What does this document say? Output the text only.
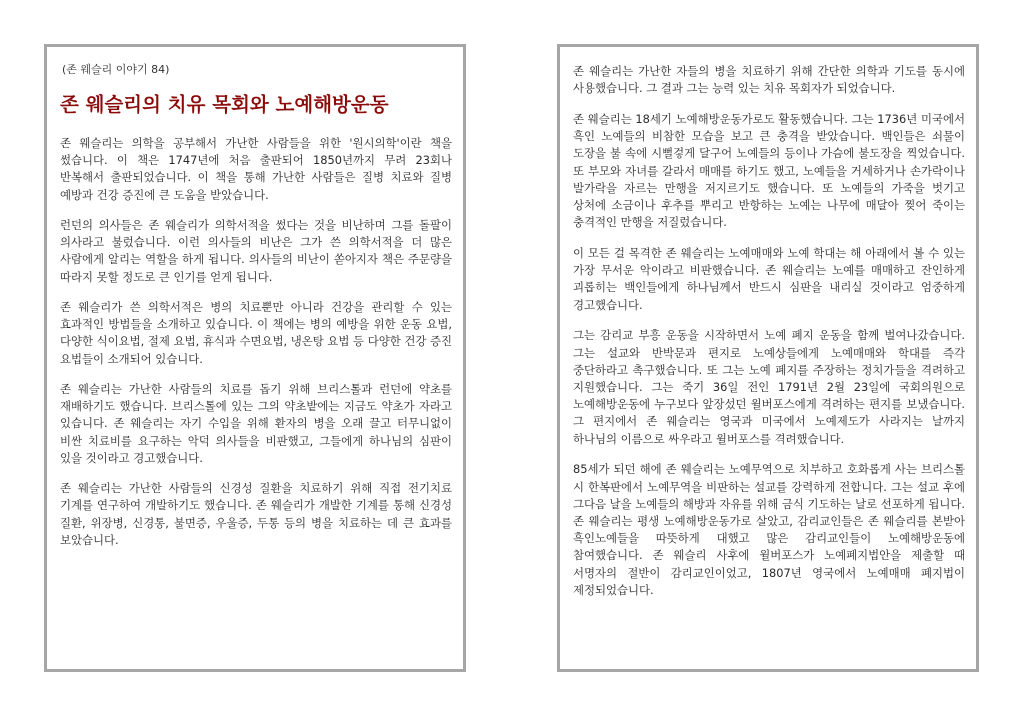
(존 웨슬리 이야기 84)
존 웨슬리의 치유 목회와 노예해방운동

존 웨슬리는 의학을 공부해서 가난한 사람들을 위한 '원시의학'이란 책을 썼습니다. 이 책은 1747년에 처음 출판되어 1850년까지 무려 23회나 반복해서 출판되었습니다. 이 책을 통해 가난한 사람들은 질병 치료와 질병 예방과 건강 증진에 큰 도움을 받았습니다.

런던의 의사들은 존 웨슬리가 의학서적을 썼다는 것을 비난하며 그를 돌팔이 의사라고 불렀습니다. 이런 의사들의 비난은 그가 쓴 의학서적을 더 많은 사람에게 알리는 역할을 하게 됩니다. 의사들의 비난이 쏟아지자 책은 주문량을 따라지 못할 정도로 큰 인기를 얻게 됩니다.

존 웨슬리가 쓴 의학서적은 병의 치료뿐만 아니라 건강을 관리할 수 있는 효과적인 방법들을 소개하고 있습니다. 이 책에는 병의 예방을 위한 운동 요법, 다양한 식이요법, 절제 요법, 휴식과 수면요법, 냉온탕 요법 등 다양한 건강 증진 요법들이 소개되어 있습니다.

존 웨슬리는 가난한 사람들의 치료를 돕기 위해 브리스톨과 런던에 약초를 재배하기도 했습니다. 브리스톨에 있는 그의 약초밭에는 지금도 약초가 자라고 있습니다. 존 웨슬리는 자기 수입을 위해 환자의 병을 오래 끌고 터무니없이 비싼 치료비를 요구하는 악덕 의사들을 비판했고, 그들에게 하나님의 심판이 있을 것이라고 경고했습니다.

존 웨슬리는 가난한 사람들의 신경성 질환을 치료하기 위해 직접 전기치료 기계를 연구하여 개발하기도 했습니다. 존 웨슬리가 개발한 기계를 통해 신경성 질환, 위장병, 신경통, 불면증, 우울증, 두통 등의 병을 치료하는 데 큰 효과를 보았습니다.

존 웨슬리는 가난한 자들의 병을 치료하기 위해 간단한 의학과 기도를 동시에 사용했습니다. 그 결과 그는 능력 있는 치유 목회자가 되었습니다.

존 웨슬리는 18세기 노예해방운동가로도 활동했습니다. 그는 1736년 미국에서 흑인 노예들의 비참한 모습을 보고 큰 충격을 받았습니다. 백인들은 쇠물이 도장을 불 속에 시뻘겋게 달구어 노예들의 등이나 가슴에 불도장을 찍었습니다. 또 부모와 자녀를 갈라서 매매를 하기도 했고, 노예들을 거세하거나 손가락이나 발가락을 자르는 만행을 저지르기도 했습니다. 또 노예들의 가죽을 벗기고 상처에 소금이나 후추를 뿌리고 반항하는 노예는 나무에 매달아 찢어 죽이는 충격적인 만행을 저질렀습니다.

이 모든 걸 목격한 존 웨슬리는 노예매매와 노예 학대는 해 아래에서 볼 수 있는 가장 무서운 악이라고 비판했습니다. 존 웨슬리는 노예를 매매하고 잔인하게 괴롭히는 백인들에게 하나님께서 반드시 심판을 내리실 것이라고 엄중하게 경고했습니다.

그는 감리교 부흥 운동을 시작하면서 노예 폐지 운동을 함께 벌여나갔습니다. 그는 설교와 반박문과 편지로 노예상들에게 노예매매와 학대를 즉각 중단하라고 촉구했습니다. 또 그는 노예 폐지를 주장하는 정치가들을 격려하고 지원했습니다. 그는 죽기 36일 전인 1791년 2월 23일에 국회의원으로 노예해방운동에 누구보다 앞장섰던 윌버포스에게 격려하는 편지를 보냈습니다. 그 편지에서 존 웨슬리는 영국과 미국에서 노예제도가 사라지는 날까지 하나님의 이름으로 싸우라고 윌버포스를 격려했습니다.

85세가 되던 해에 존 웨슬리는 노예무역으로 치부하고 호화롭게 사는 브리스톨 시 한복판에서 노예무역을 비판하는 설교를 강력하게 전합니다. 그는 설교 후에 그다음 날을 노예들의 해방과 자유를 위해 금식 기도하는 날로 선포하게 됩니다. 존 웨슬리는 평생 노예해방운동가로 살았고, 감리교인들은 존 웨슬리를 본받아 흑인노예들을 따뜻하게 대했고 많은 감리교인들이 노예해방운동에 참여했습니다. 존 웨슬리 사후에 윌버포스가 노예폐지법안을 제출할 때 서명자의 절반이 감리교인이었고, 1807년 영국에서 노예매매 폐지법이 제정되었습니다.
